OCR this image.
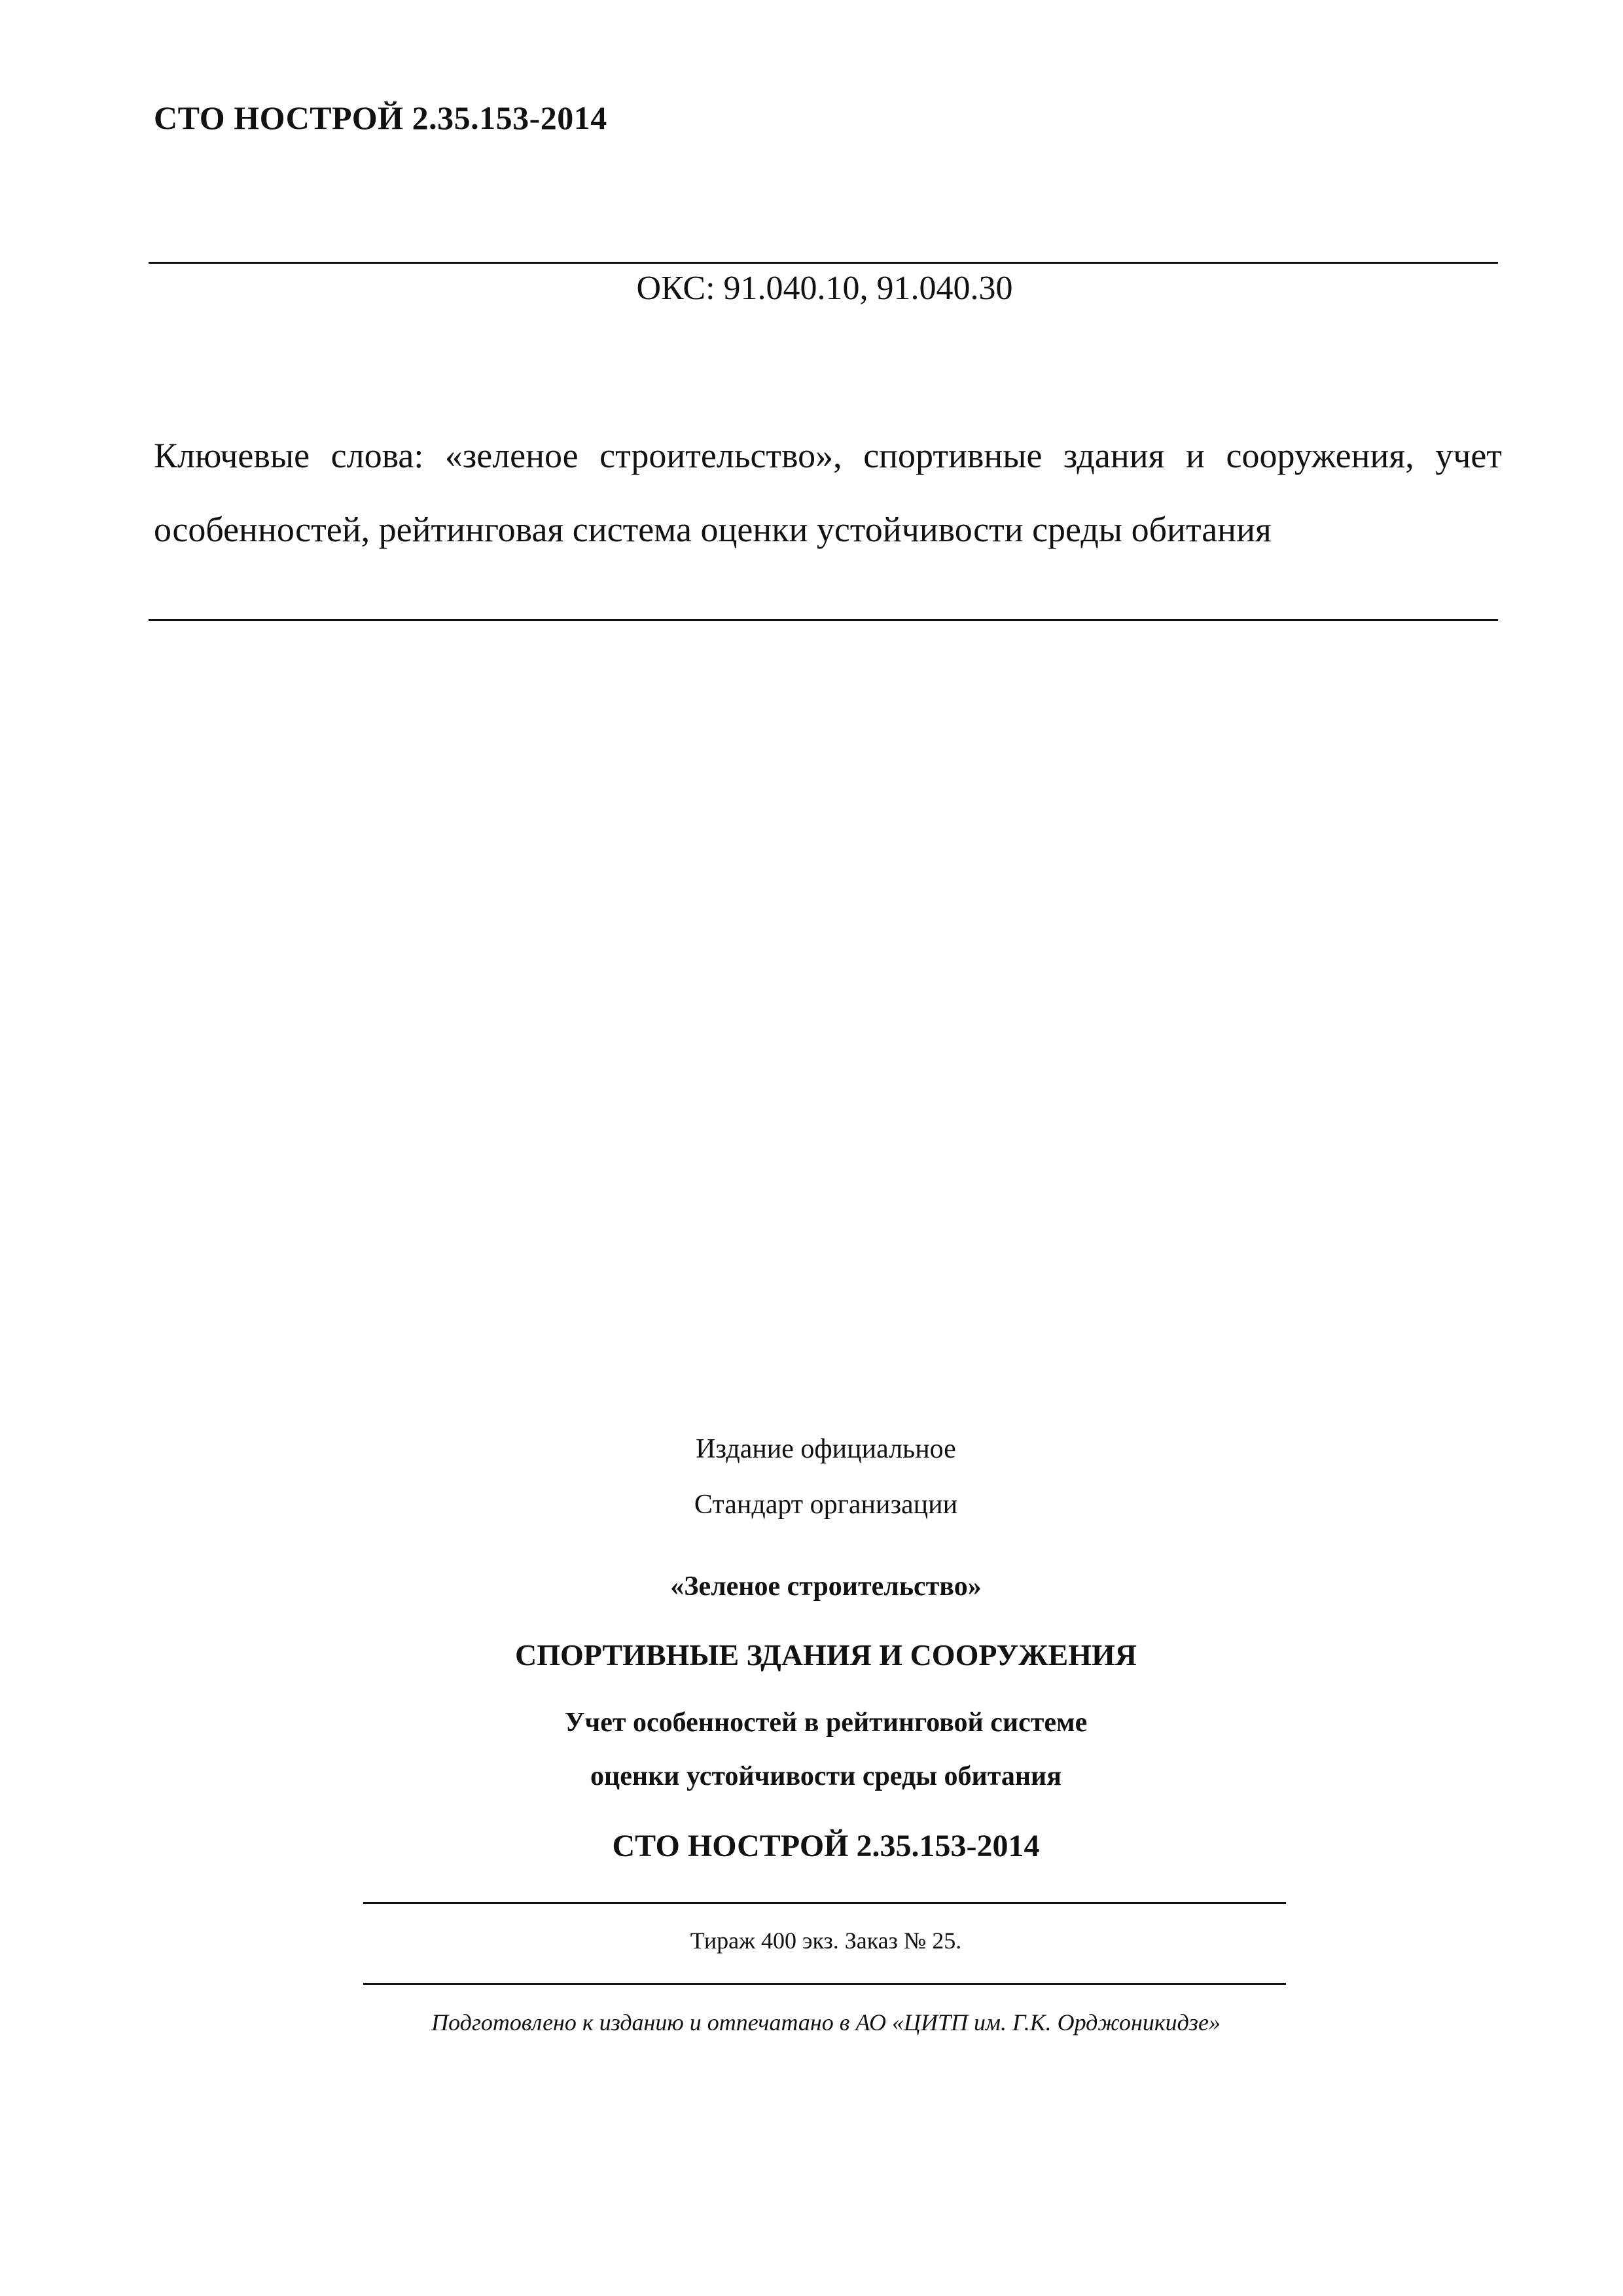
СТО НОСТРОЙ 2.35.153-2014
ОКС: 91.040.10, 91.040.30
Ключевые слова: «зеленое строительство», спортивные здания и сооружения, учет особенностей, рейтинговая система оценки устойчивости среды обитания
Издание официальное
Стандарт организации
«Зеленое строительство»
СПОРТИВНЫЕ ЗДАНИЯ И СООРУЖЕНИЯ
Учет особенностей в рейтинговой системе
оценки устойчивости среды обитания
СТО НОСТРОЙ 2.35.153-2014
Тираж 400 экз. Заказ № 25.
Подготовлено к изданию и отпечатано в АО «ЦИТП им. Г.К. Орджоникидзе»
